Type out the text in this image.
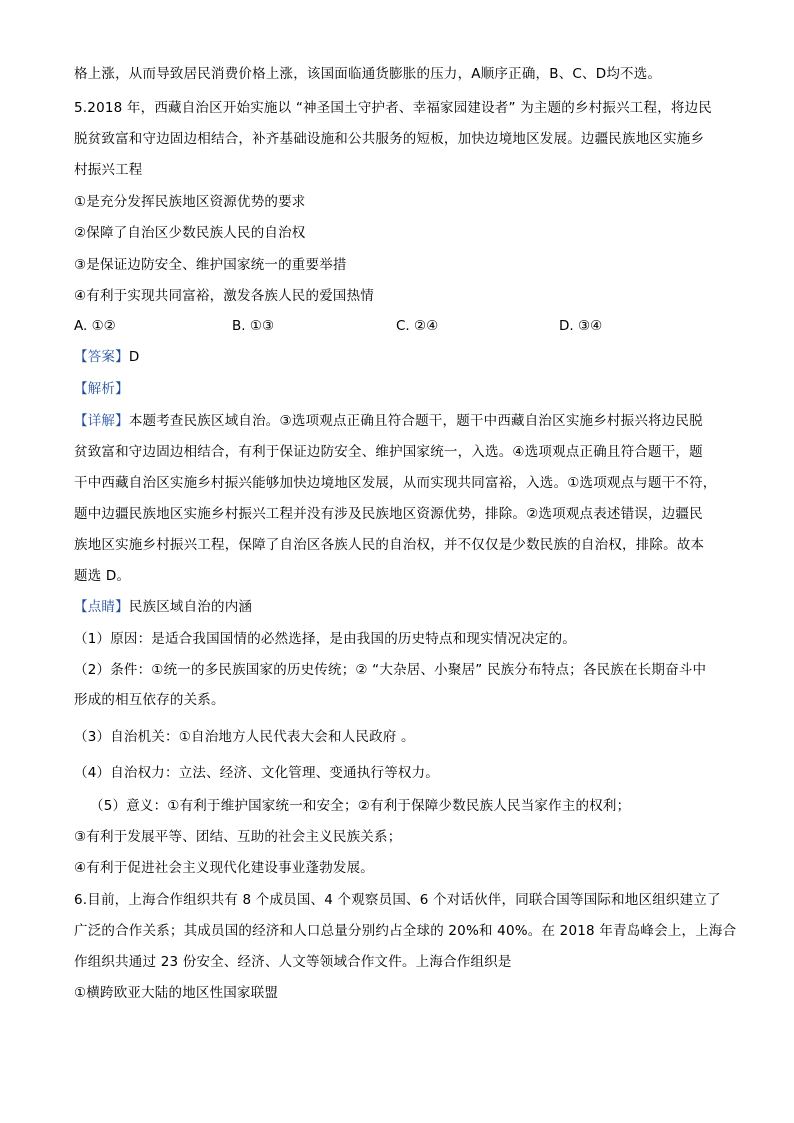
格上涨，从而导致居民消费价格上涨，该国面临通货膨胀的压力，A顺序正确，B、C、D均不选。
5.2018 年，西藏自治区开始实施以 “神圣国土守护者、幸福家园建设者” 为主题的乡村振兴工程，将边民
脱贫致富和守边固边相结合，补齐基础设施和公共服务的短板，加快边境地区发展。边疆民族地区实施乡
村振兴工程
①是充分发挥民族地区资源优势的要求
②保障了自治区少数民族人民的自治权
③是保证边防安全、维护国家统一的重要举措
④有利于实现共同富裕，激发各族人民的爱国热情
A. ①②	B. ①③	C. ②④	D. ③④
【答案】D
【解析】
【详解】本题考查民族区域自治。③选项观点正确且符合题干，题干中西藏自治区实施乡村振兴将边民脱
贫致富和守边固边相结合，有利于保证边防安全、维护国家统一，入选。④选项观点正确且符合题干，题
干中西藏自治区实施乡村振兴能够加快边境地区发展，从而实现共同富裕，入选。①选项观点与题干不符，
题中边疆民族地区实施乡村振兴工程并没有涉及民族地区资源优势，排除。②选项观点表述错误，边疆民
族地区实施乡村振兴工程，保障了自治区各族人民的自治权，并不仅仅是少数民族的自治权，排除。故本
题选 D。
【点睛】民族区域自治的内涵
（1）原因：是适合我国国情的必然选择，是由我国的历史特点和现实情况决定的。
（2）条件：①统一的多民族国家的历史传统；② “大杂居、小聚居” 民族分布特点；各民族在长期奋斗中
形成的相互依存的关系。
（3）自治机关：①自治地方人民代表大会和人民政府 。
（4）自治权力：立法、经济、文化管理、变通执行等权力。
（5）意义：①有利于维护国家统一和安全；②有利于保障少数民族人民当家作主的权利；
③有利于发展平等、团结、互助的社会主义民族关系；
④有利于促进社会主义现代化建设事业蓬勃发展。
6.目前，上海合作组织共有 8 个成员国、4 个观察员国、6 个对话伙伴，同联合国等国际和地区组织建立了
广泛的合作关系；其成员国的经济和人口总量分别约占全球的 20%和 40%。在 2018 年青岛峰会上，上海合
作组织共通过 23 份安全、经济、人文等领域合作文件。上海合作组织是
①横跨欧亚大陆的地区性国家联盟
